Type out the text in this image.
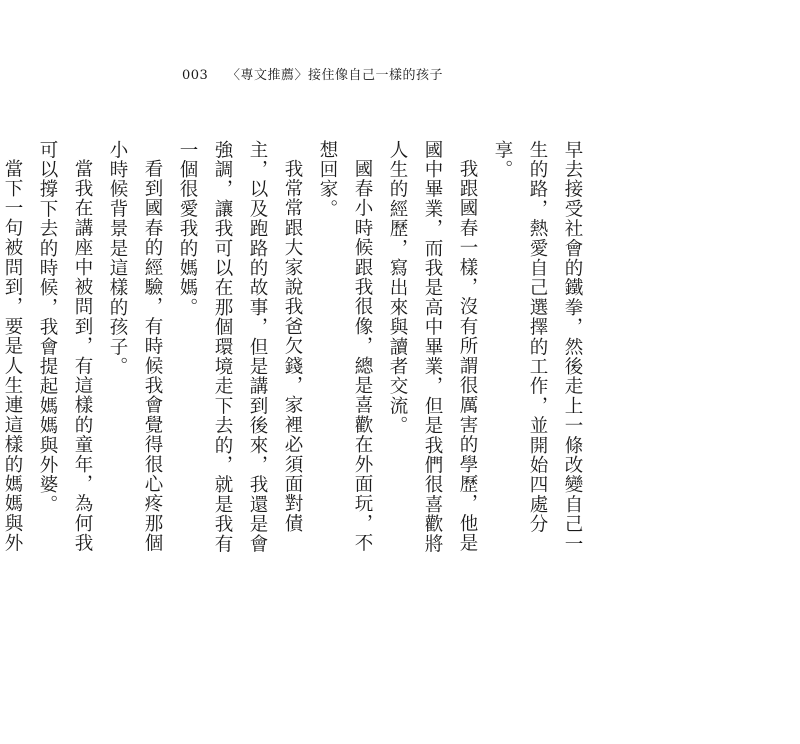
003 〈專文推薦〉接住像自己一樣的孩子

早去接受社會的鐵拳，然後走上一條改變自己一生的路，熱愛自己選擇的工作，並開始四處分享。

我跟國春一樣，沒有所謂很厲害的學歷，他是國中畢業，而我是高中畢業，但是我們很喜歡將人生的經歷，寫出來與讀者交流。

國春小時候跟我很像，總是喜歡在外面玩，不想回家。

我常常跟大家說我爸欠錢，家裡必須面對債主，以及跑路的故事，但是講到後來，我還是會強調，讓我可以在那個環境走下去的，就是我有一個很愛我的媽媽。

看到國春的經驗，有時候我會覺得很心疼那個小時候背景是這樣的孩子。

當我在講座中被問到，有這樣的童年，為何我可以撐下去的時候，我會提起媽媽與外婆。

當下一句被問到，要是人生連這樣的媽媽與外
